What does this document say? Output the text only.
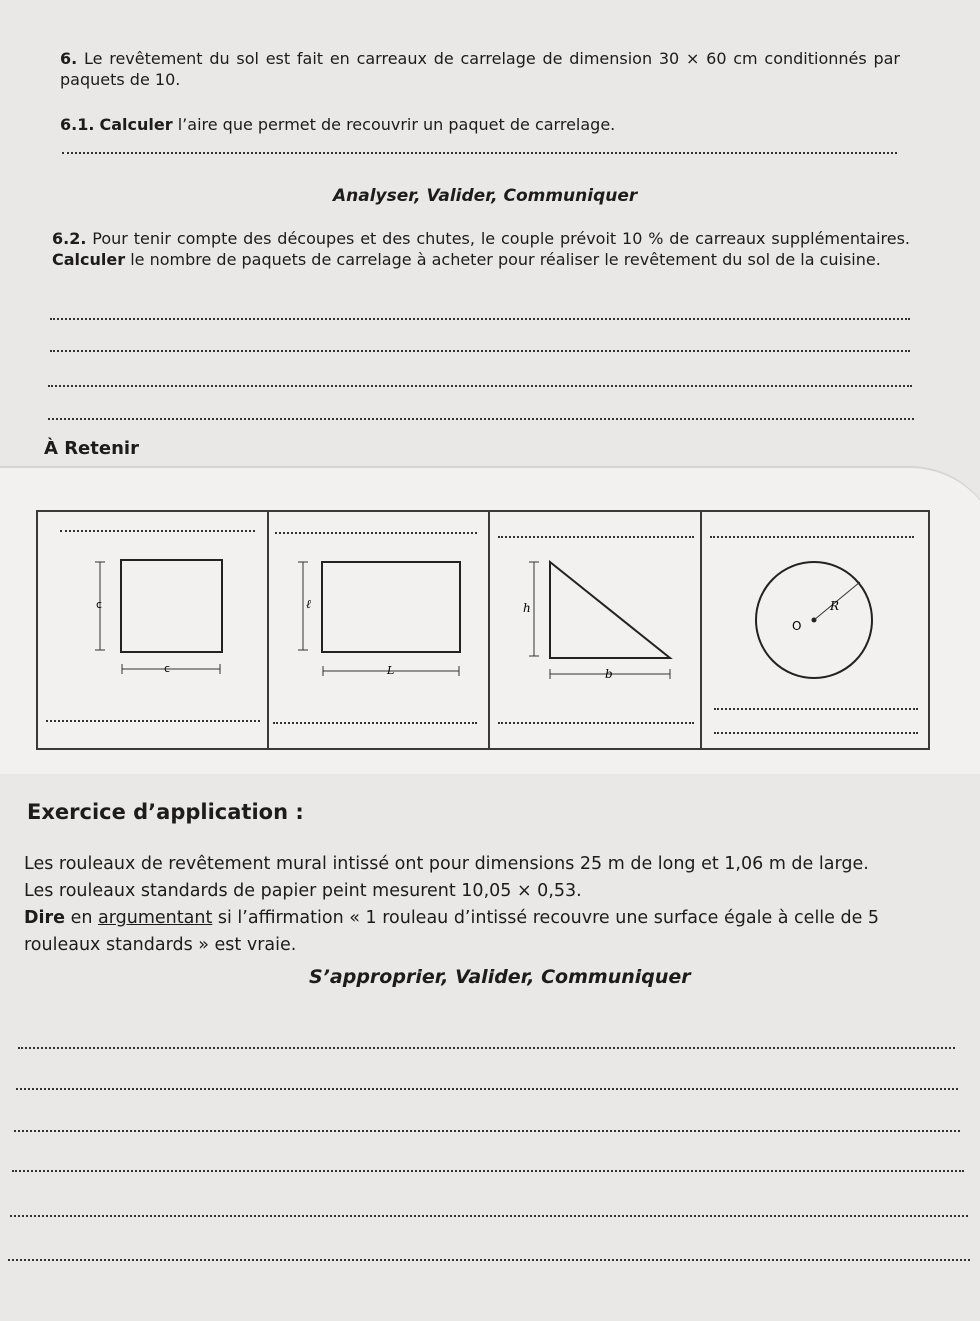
6. Le revêtement du sol est fait en carreaux de carrelage de dimension 30 × 60 cm conditionnés par paquets de 10.
6.1. Calculer l’aire que permet de recouvrir un paquet de carrelage.
Analyser, Valider, Communiquer
6.2. Pour tenir compte des découpes et des chutes, le couple prévoit 10 % de carreaux supplémentaires. Calculer le nombre de paquets de carrelage à acheter pour réaliser le revêtement du sol de la cuisine.
À Retenir
c
c
ℓ
L
h
b
R
O
Exercice d’application :
Les rouleaux de revêtement mural intissé ont pour dimensions 25 m de long et 1,06 m de large.
Les rouleaux standards de papier peint mesurent 10,05 × 0,53.
Dire en argumentant si l’affirmation « 1 rouleau d’intissé recouvre une surface égale à celle de 5 rouleaux standards » est vraie.
S’approprier, Valider, Communiquer
